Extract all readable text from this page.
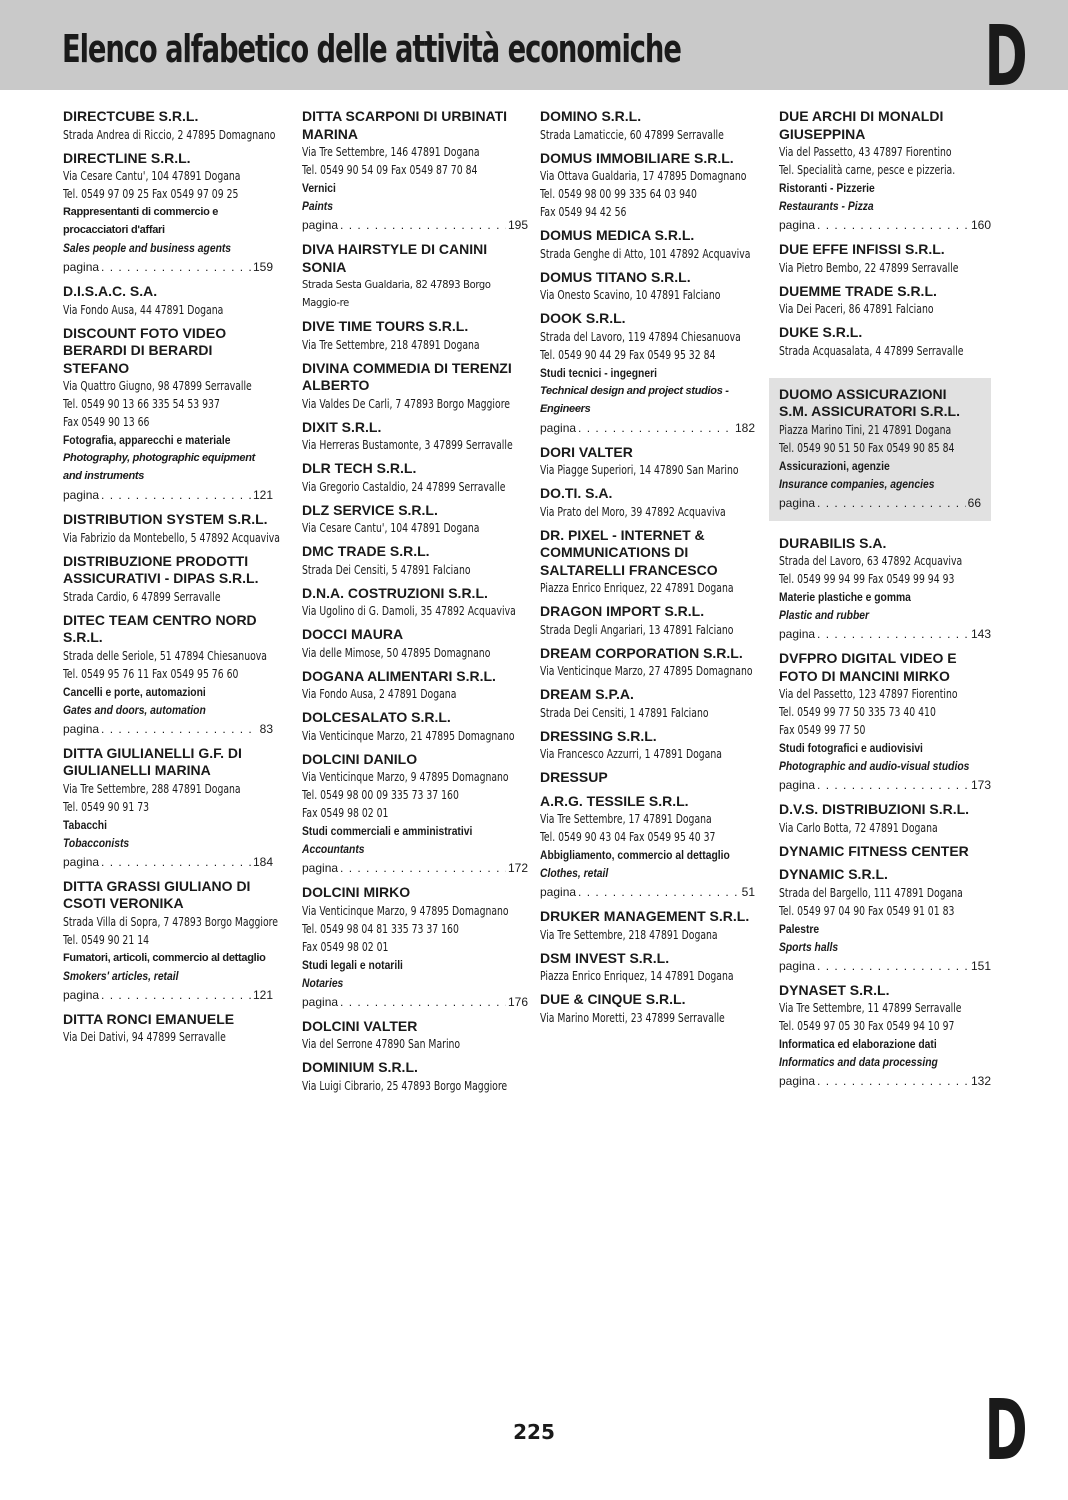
Elenco alfabetico delle attività economiche	D
DIRECTCUBE S.R.L.
Strada Andrea di Riccio, 2 47895 Domagnano
DIRECTLINE S.R.L.
Via Cesare Cantu', 104 47891 Dogana
Tel. 0549 97 09 25 Fax 0549 97 09 25
Rappresentanti di commercio e procacciatori d'affari
Sales people and business agents
pagina . . .	159
D.I.S.A.C. S.A.
Via Fondo Ausa, 44 47891 Dogana
DISCOUNT FOTO VIDEO BERARDI DI BERARDI STEFANO
Via Quattro Giugno, 98 47899 Serravalle
Tel. 0549 90 13 66 335 54 53 937
Fax 0549 90 13 66
Fotografia, apparecchi e materiale
Photography, photographic equipment and instruments
pagina . . .	121
DISTRIBUTION SYSTEM S.R.L.
Via Fabrizio da Montebello, 5 47892 Acquaviva
DISTRIBUZIONE PRODOTTI ASSICURATIVI - DIPAS S.R.L.
Strada Cardio, 6 47899 Serravalle
DITEC TEAM CENTRO NORD S.R.L.
Strada delle Seriole, 51 47894 Chiesanuova
Tel. 0549 95 76 11 Fax 0549 95 76 60
Cancelli e porte, automazioni
Gates and doors, automation
pagina . . .	83
DITTA GIULIANELLI G.F. DI GIULIANELLI MARINA
Via Tre Settembre, 288 47891 Dogana
Tel. 0549 90 91 73
Tabacchi
Tobacconists
pagina . . .	184
DITTA GRASSI GIULIANO DI CSOTI VERONIKA
Strada Villa di Sopra, 7 47893 Borgo Maggiore
Tel. 0549 90 21 14
Fumatori, articoli, commercio al dettaglio
Smokers' articles, retail
pagina . . .	121
DITTA RONCI EMANUELE
Via Dei Dativi, 94 47899 Serravalle
DITTA SCARPONI DI URBINATI MARINA
Via Tre Settembre, 146 47891 Dogana
Tel. 0549 90 54 09 Fax 0549 87 70 84
Vernici
Paints
pagina . . .	195
DIVA HAIRSTYLE DI CANINI SONIA
Strada Sesta Gualdaria, 82 47893 Borgo Maggio-re
DIVE TIME TOURS S.R.L.
Via Tre Settembre, 218 47891 Dogana
DIVINA COMMEDIA DI TERENZI ALBERTO
Via Valdes De Carli, 7 47893 Borgo Maggiore
DIXIT S.R.L.
Via Herreras Bustamonte, 3 47899 Serravalle
DLR TECH S.R.L.
Via Gregorio Castaldio, 24 47899 Serravalle
DLZ SERVICE S.R.L.
Via Cesare Cantu', 104 47891 Dogana
DMC TRADE S.R.L.
Strada Dei Censiti, 5 47891 Falciano
D.N.A. COSTRUZIONI S.R.L.
Via Ugolino di G. Damoli, 35 47892 Acquaviva
DOCCI MAURA
Via delle Mimose, 50 47895 Domagnano
DOGANA ALIMENTARI S.R.L.
Via Fondo Ausa, 2 47891 Dogana
DOLCESALATO S.R.L.
Via Venticinque Marzo, 21 47895 Domagnano
DOLCINI DANILO
Via Venticinque Marzo, 9 47895 Domagnano
Tel. 0549 98 00 09 335 73 37 160
Fax 0549 98 02 01
Studi commerciali e amministrativi
Accountants
pagina . . .	172
DOLCINI MIRKO
Via Venticinque Marzo, 9 47895 Domagnano
Tel. 0549 98 04 81 335 73 37 160
Fax 0549 98 02 01
Studi legali e notarili
Notaries
pagina . . .	176
DOLCINI VALTER
Via del Serrone 47890 San Marino
DOMINIUM S.R.L.
Via Luigi Cibrario, 25 47893 Borgo Maggiore
DOMINO S.R.L.
Strada Lamaticcie, 60 47899 Serravalle
DOMUS IMMOBILIARE S.R.L.
Via Ottava Gualdaria, 17 47895 Domagnano
Tel. 0549 98 00 99 335 64 03 940
Fax 0549 94 42 56
DOMUS MEDICA S.R.L.
Strada Genghe di Atto, 101 47892 Acquaviva
DOMUS TITANO S.R.L.
Via Onesto Scavino, 10 47891 Falciano
DOOK S.R.L.
Strada del Lavoro, 119 47894 Chiesanuova
Tel. 0549 90 44 29 Fax 0549 95 32 84
Studi tecnici - ingegneri
Technical design and project studios - Engineers
pagina . . .	182
DORI VALTER
Via Piagge Superiori, 14 47890 San Marino
DO.TI. S.A.
Via Prato del Moro, 39 47892 Acquaviva
DR. PIXEL - INTERNET & COMMUNICATIONS DI SALTARELLI FRANCESCO
Piazza Enrico Enriquez, 22 47891 Dogana
DRAGON IMPORT S.R.L.
Strada Degli Angariari, 13 47891 Falciano
DREAM CORPORATION S.R.L.
Via Venticinque Marzo, 27 47895 Domagnano
DREAM S.P.A.
Strada Dei Censiti, 1 47891 Falciano
DRESSING S.R.L.
Via Francesco Azzurri, 1 47891 Dogana
DRESSUP
A.R.G. TESSILE S.R.L.
Via Tre Settembre, 17 47891 Dogana
Tel. 0549 90 43 04 Fax 0549 95 40 37
Abbigliamento, commercio al dettaglio
Clothes, retail
pagina . . .	51
DRUKER MANAGEMENT S.R.L.
Via Tre Settembre, 218 47891 Dogana
DSM INVEST S.R.L.
Piazza Enrico Enriquez, 14 47891 Dogana
DUE & CINQUE S.R.L.
Via Marino Moretti, 23 47899 Serravalle
DUE ARCHI DI MONALDI GIUSEPPINA
Via del Passetto, 43 47897 Fiorentino
Tel. Specialità carne, pesce e pizzeria.
Ristoranti - Pizzerie
Restaurants - Pizza
pagina . . .	160
DUE EFFE INFISSI S.R.L.
Via Pietro Bembo, 22 47899 Serravalle
DUEMME TRADE S.R.L.
Via Dei Paceri, 86 47891 Falciano
DUKE S.R.L.
Strada Acquasalata, 4 47899 Serravalle
DUOMO ASSICURAZIONI
S.M. ASSICURATORI S.R.L.
Piazza Marino Tini, 21 47891 Dogana
Tel. 0549 90 51 50 Fax 0549 90 85 84
Assicurazioni, agenzie
Insurance companies, agencies
pagina . . .	66
DURABILIS S.A.
Strada del Lavoro, 63 47892 Acquaviva
Tel. 0549 99 94 99 Fax 0549 99 94 93
Materie plastiche e gomma
Plastic and rubber
pagina . . .	143
DVFPRO DIGITAL VIDEO E FOTO DI MANCINI MIRKO
Via del Passetto, 123 47897 Fiorentino
Tel. 0549 99 77 50 335 73 40 410
Fax 0549 99 77 50
Studi fotografici e audiovisivi
Photographic and audio-visual studios
pagina . . .	173
D.V.S. DISTRIBUZIONI S.R.L.
Via Carlo Botta, 72 47891 Dogana
DYNAMIC FITNESS CENTER
DYNAMIC S.R.L.
Strada del Bargello, 111 47891 Dogana
Tel. 0549 97 04 90 Fax 0549 91 01 83
Palestre
Sports halls
pagina . . .	151
DYNASET S.R.L.
Via Tre Settembre, 11 47899 Serravalle
Tel. 0549 97 05 30 Fax 0549 94 10 97
Informatica ed elaborazione dati
Informatics and data processing
pagina . . .	132
225	D
